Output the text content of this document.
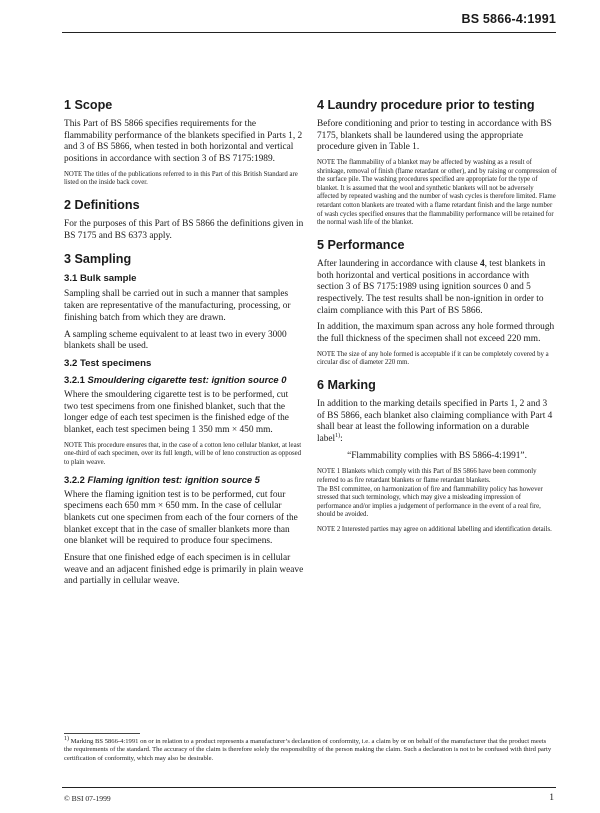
BS 5866-4:1991
1 Scope

This Part of BS 5866 specifies requirements for the flammability performance of the blankets specified in Parts 1, 2 and 3 of BS 5866, when tested in both horizontal and vertical positions in accordance with section 3 of BS 7175:1989.

NOTE The titles of the publications referred to in this Part of this British Standard are listed on the inside back cover.

2 Definitions

For the purposes of this Part of BS 5866 the definitions given in BS 7175 and BS 6373 apply.

3 Sampling
3.1 Bulk sample

Sampling shall be carried out in such a manner that samples taken are representative of the manufacturing, processing, or finishing batch from which they are drawn.

A sampling scheme equivalent to at least two in every 3000 blankets shall be used.

3.2 Test specimens
3.2.1 Smouldering cigarette test: ignition source 0

Where the smouldering cigarette test is to be performed, cut two test specimens from one finished blanket, such that the longer edge of each test specimen is the finished edge of the blanket, each test specimen being 1 350 mm × 450 mm.

NOTE This procedure ensures that, in the case of a cotton leno cellular blanket, at least one-third of each specimen, over its full length, will be of leno construction as opposed to plain weave.

3.2.2 Flaming ignition test: ignition source 5

Where the flaming ignition test is to be performed, cut four specimens each 650 mm × 650 mm. In the case of cellular blankets cut one specimen from each of the four corners of the blanket except that in the case of smaller blankets more than one blanket will be required to produce four specimens.

Ensure that one finished edge of each specimen is in cellular weave and an adjacent finished edge is primarily in plain weave and partially in cellular weave.

4 Laundry procedure prior to testing

Before conditioning and prior to testing in accordance with BS 7175, blankets shall be laundered using the appropriate procedure given in Table 1.

NOTE The flammability of a blanket may be affected by washing as a result of shrinkage, removal of finish (flame retardant or other), and by raising or compression of the surface pile. The washing procedures specified are appropriate for the type of blanket. It is assumed that the wool and synthetic blankets will not be adversely affected by repeated washing and the number of wash cycles is therefore limited. Flame retardant cotton blankets are treated with a flame retardant finish and the large number of wash cycles specified ensures that the flammability performance will be retained for the normal wash life of the blanket.

5 Performance

After laundering in accordance with clause 4, test blankets in both horizontal and vertical positions in accordance with section 3 of BS 7175:1989 using ignition sources 0 and 5 respectively. The test results shall be non-ignition in order to claim compliance with this Part of BS 5866.

In addition, the maximum span across any hole formed through the full thickness of the specimen shall not exceed 220 mm.

NOTE The size of any hole formed is acceptable if it can be completely covered by a circular disc of diameter 220 mm.

6 Marking

In addition to the marking details specified in Parts 1, 2 and 3 of BS 5866, each blanket also claiming compliance with Part 4 shall bear at least the following information on a durable label$^{1)}$:

“Flammability complies with BS 5866-4:1991”.

NOTE 1 Blankets which comply with this Part of BS 5866 have been commonly referred to as fire retardant blankets or flame retardant blankets.

The BSI committee, on harmonization of fire and flammability policy has however stressed that such terminology, which may give a misleading impression of performance and/or implies a judgement of performance in the event of a real fire, should be avoided.

NOTE 2 Interested parties may agree on additional labelling and identification details.

$^{1)}$ Marking BS 5866-4:1991 on or in relation to a product represents a manufacturer’s declaration of conformity, i.e. a claim by or on behalf of the manufacturer that the product meets the requirements of the standard. The accuracy of the claim is therefore solely the responsibility of the person making the claim. Such a declaration is not to be confused with third party certification of conformity, which may also be desirable.

© BSI 07-1999	1
